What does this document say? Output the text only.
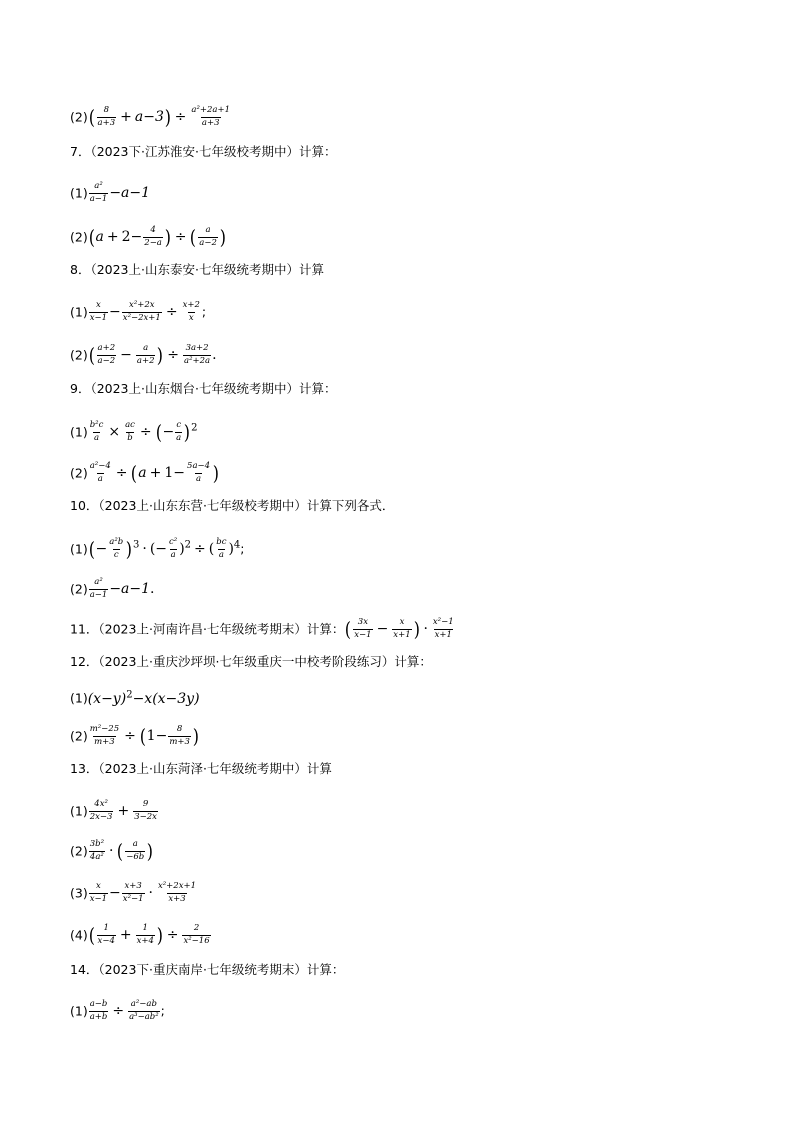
$(2)( \frac{8}{a+3} + a-3) \div \frac{\text{a²+2a+1}}{a+3}$
7．（2023下·江苏淮安·七年级校考期中）计算：
$(1) \frac{\text{a²}}{a-1} -a-1$
$(2)(a + 2- \frac{4}{2-a}$ ) ÷ ( $\frac{a}{a-2}$ )
8．（2023上·山东泰安·七年级统考期中）计算
$(1) \frac{x}{x-1} - \frac{\text{x²+2x}}{\text{x²−2x+1}} \div \frac{x+2}{x}$ ;
$(2)( \frac{a+2}{a-2} - \frac{a}{a+2}$ ) ÷ $\frac{3a+2}{\text{a²+2a}}$ .
9．（2023上·山东烟台·七年级统考期中）计算：
$(1) \frac{\text{b²c}}{a} \times \frac{ac}{b}$ ÷ (− $\frac{c}{a} )^2$
$(2) \frac{\text{a²−4}}{a} \div (a + 1- \frac{5a-4}{a}$ )
10．（2023上·山东东营·七年级校考期中）计算下列各式．
$(1)(- \frac{\text{a²b}}{c} )^3$ · (− $\frac{\text{c²}}{a} )^2$ ÷ ( $\frac{bc}{a} )^4$;
$(2) \frac{\text{a²}}{a-1} -a-1$.
11．（2023上·河南许昌·七年级统考期末）计算：( $\frac{3x}{x-1} - \frac{x}{x+1}$ ) · $\frac{\text{x²−1}}{x+1}$
12．（2023上·重庆沙坪坝·七年级重庆一中校考阶段练习）计算：
$(1)(x-y)^2-x(x-3y)$
$(2) \frac{\text{m²−25}}{m+3} \div (1- \frac{8}{m+3}$ )
13．（2023上·山东菏泽·七年级统考期中）计算
$(1) \frac{\text{4x²}}{2x-3} + \frac{9}{3-2x}$
$(2) \frac{\text{3b²}}{\text{4a²}}$ · ( $\frac{a}{-6b}$ )
$(3) \frac{x}{x-1} - \frac{x+3}{\text{x²−1}} \cdot \frac{\text{x²+2x+1}}{x+3}$
$(4)( \frac{1}{x-4} + \frac{1}{x+4}$ ) ÷ $\frac{2}{\text{x²−16}}$
14．（2023下·重庆南岸·七年级统考期末）计算：
$(1) \frac{a-b}{a+b} \div \frac{\text{a²−ab}}{\text{a³−ab²}}$ ;
